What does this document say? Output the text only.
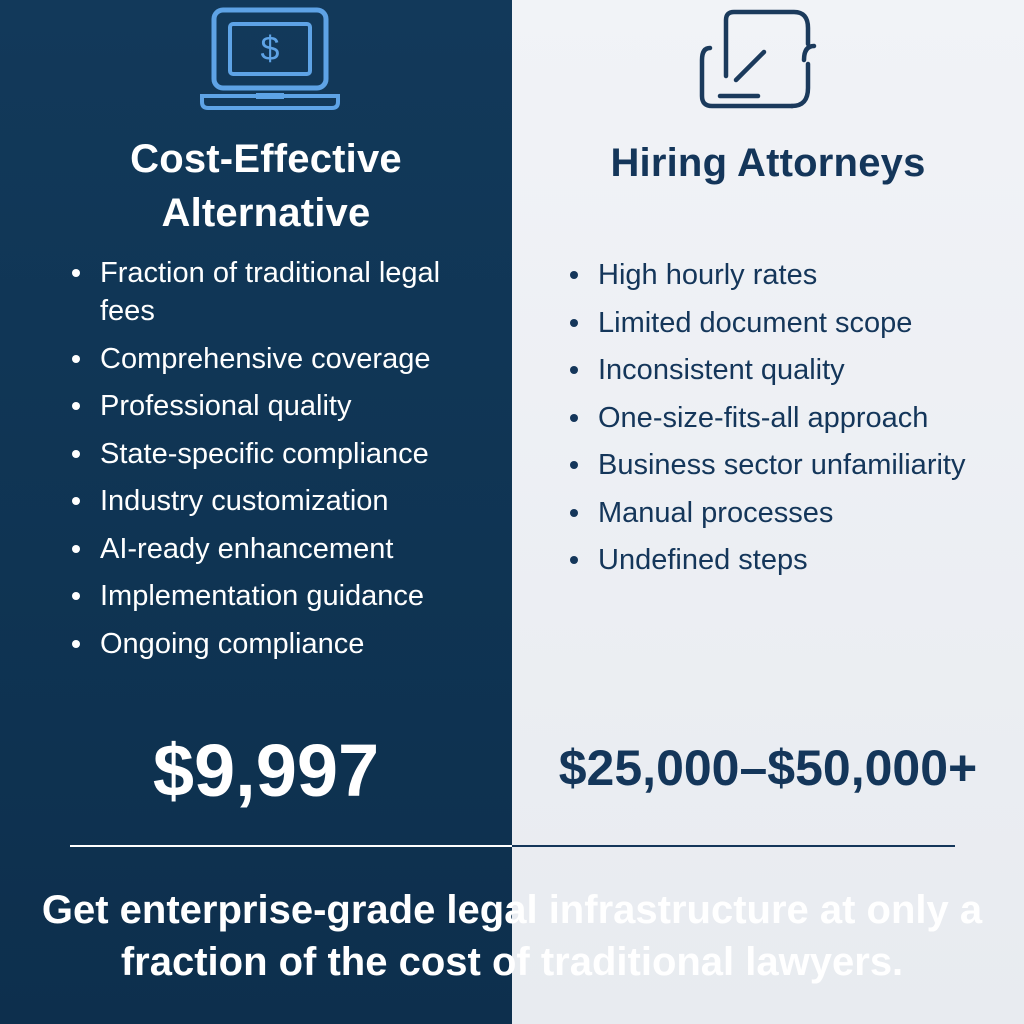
$
Cost-Effective
Alternative
Hiring Attorneys
Fraction of traditional legal fees
Comprehensive coverage
Professional quality
State-specific compliance
Industry customization
AI-ready enhancement
Implementation guidance
Ongoing compliance
High hourly rates
Limited document scope
Inconsistent quality
One-size-fits-all approach
Business sector unfamiliarity
Manual processes
Undefined steps
$9,997	$25,000–$50,000+

Get enterprise-grade legal infrastructure at only a fraction of the cost of traditional lawyers.
